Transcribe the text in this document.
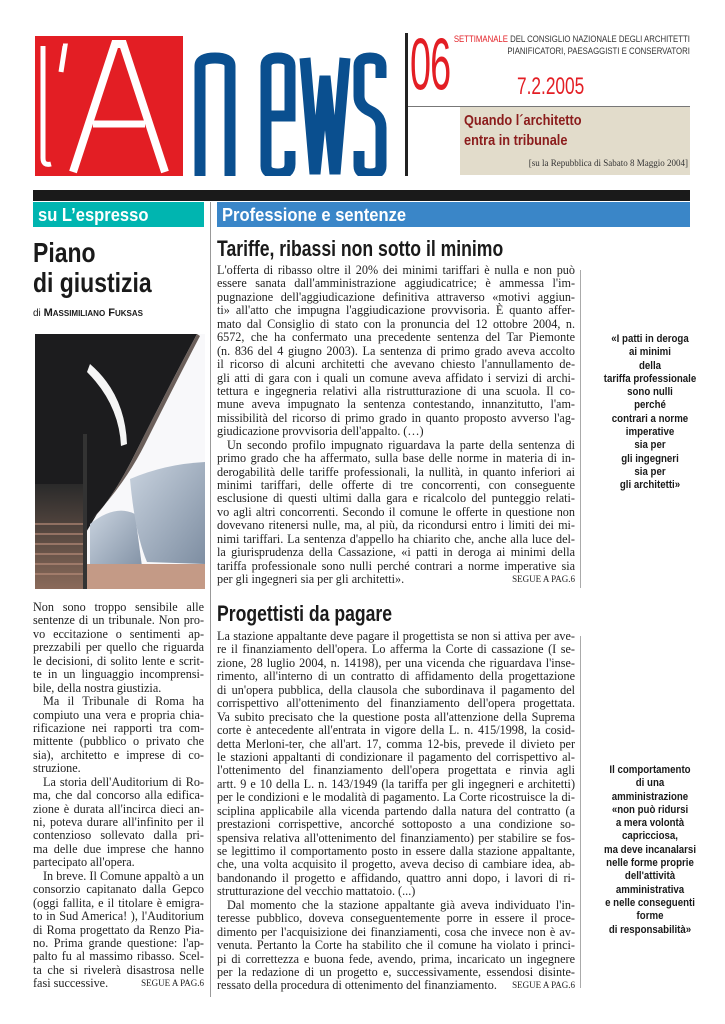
06 SETTIMANALE DEL CONSIGLIO NAZIONALE DEGLI ARCHITETTI
PIANIFICATORI, PAESAGGISTI E CONSERVATORI
7.2.2005
Quando l´architetto
entra in tribunale
[su la Repubblica di Sabato 8 Maggio 2004]
su L’espresso	Professione e sentenze
Piano
di giustizia
di Massimiliano Fuksas
Non sono troppo sensibile alle
sentenze di un tribunale. Non pro-
vo eccitazione o sentimenti ap-
prezzabili per quello che riguarda
le decisioni, di solito lente e scrit-
te in un linguaggio incomprensi-
bile, della nostra giustizia.
Ma il Tribunale di Roma ha
compiuto una vera e propria chia-
rificazione nei rapporti tra com-
mittente (pubblico o privato che
sia), architetto e imprese di co-
struzione.
La storia dell'Auditorium di Ro-
ma, che dal concorso alla edifica-
zione è durata all'incirca dieci an-
ni, poteva durare all'infinito per il
contenzioso sollevato dalla pri-
ma delle due imprese che hanno
partecipato all'opera.
In breve. Il Comune appaltò a un
consorzio capitanato dalla Gepco
(oggi fallita, e il titolare è emigra-
to in Sud America! ), l'Auditorium
di Roma progettato da Renzo Pia-
no. Prima grande questione: l'ap-
palto fu al massimo ribasso. Scel-
ta che si rivelerà disastrosa nelle
fasi successive.	SEGUE A PAG.6
Tariffe, ribassi non sotto il minimo
L'offerta di ribasso oltre il 20% dei minimi tariffari è nulla e non può
essere sanata dall'amministrazione aggiudicatrice; è ammessa l'im-
pugnazione dell'aggiudicazione definitiva attraverso «motivi aggiun-
ti» all'atto che impugna l'aggiudicazione provvisoria. È quanto affer-
mato dal Consiglio di stato con la pronuncia del 12 ottobre 2004, n.
6572, che ha confermato una precedente sentenza del Tar Piemonte
(n. 836 del 4 giugno 2003). La sentenza di primo grado aveva accolto
il ricorso di alcuni architetti che avevano chiesto l'annullamento de-
gli atti di gara con i quali un comune aveva affidato i servizi di archi-
tettura e ingegneria relativi alla ristrutturazione di una scuola. Il co-
mune aveva impugnato la sentenza contestando, innanzitutto, l'am-
missibilità del ricorso di primo grado in quanto proposto avverso l'ag-
giudicazione provvisoria dell'appalto. (…)
Un secondo profilo impugnato riguardava la parte della sentenza di
primo grado che ha affermato, sulla base delle norme in materia di in-
derogabilità delle tariffe professionali, la nullità, in quanto inferiori ai
minimi tariffari, delle offerte di tre concorrenti, con conseguente
esclusione di questi ultimi dalla gara e ricalcolo del punteggio relati-
vo agli altri concorrenti. Secondo il comune le offerte in questione non
dovevano ritenersi nulle, ma, al più, da ricondursi entro i limiti dei mi-
nimi tariffari. La sentenza d'appello ha chiarito che, anche alla luce del-
la giurisprudenza della Cassazione, «i patti in deroga ai minimi della
tariffa professionale sono nulli perché contrari a norme imperative sia
per gli ingegneri sia per gli architetti».	SEGUE A PAG.6
«I patti in deroga
ai minimi
della
tariffa professionale
sono nulli
perché
contrari a norme
imperative
sia per
gli ingegneri
sia per
gli architetti»
Progettisti da pagare
La stazione appaltante deve pagare il progettista se non si attiva per ave-
re il finanziamento dell'opera. Lo afferma la Corte di cassazione (I se-
zione, 28 luglio 2004, n. 14198), per una vicenda che riguardava l'inse-
rimento, all'interno di un contratto di affidamento della progettazione
di un'opera pubblica, della clausola che subordinava il pagamento del
corrispettivo all'ottenimento del finanziamento dell'opera progettata.
Va subito precisato che la questione posta all'attenzione della Suprema
corte è antecedente all'entrata in vigore della L. n. 415/1998, la cosid-
detta Merloni-ter, che all'art. 17, comma 12-bis, prevede il divieto per
le stazioni appaltanti di condizionare il pagamento del corrispettivo al-
l'ottenimento del finanziamento dell'opera progettata e rinvia agli
artt. 9 e 10 della L. n. 143/1949 (la tariffa per gli ingegneri e architetti)
per le condizioni e le modalità di pagamento. La Corte ricostruisce la di-
sciplina applicabile alla vicenda partendo dalla natura del contratto (a
prestazioni corrispettive, ancorché sottoposto a una condizione so-
spensiva relativa all'ottenimento del finanziamento) per stabilire se fos-
se legittimo il comportamento posto in essere dalla stazione appaltante,
che, una volta acquisito il progetto, aveva deciso di cambiare idea, ab-
bandonando il progetto e affidando, quattro anni dopo, i lavori di ri-
strutturazione del vecchio mattatoio. (...)
Dal momento che la stazione appaltante già aveva individuato l'in-
teresse pubblico, doveva conseguentemente porre in essere il proce-
dimento per l'acquisizione dei finanziamenti, cosa che invece non è av-
venuta. Pertanto la Corte ha stabilito che il comune ha violato i princi-
pi di correttezza e buona fede, avendo, prima, incaricato un ingegnere
per la redazione di un progetto e, successivamente, essendosi disinte-
ressato della procedura di ottenimento del finanziamento. SEGUE A PAG.6
Il comportamento
di una
amministrazione
«non può ridursi
a mera volontà
capricciosa,
ma deve incanalarsi
nelle forme proprie
dell'attività
amministrativa
e nelle conseguenti
forme
di responsabilità»
